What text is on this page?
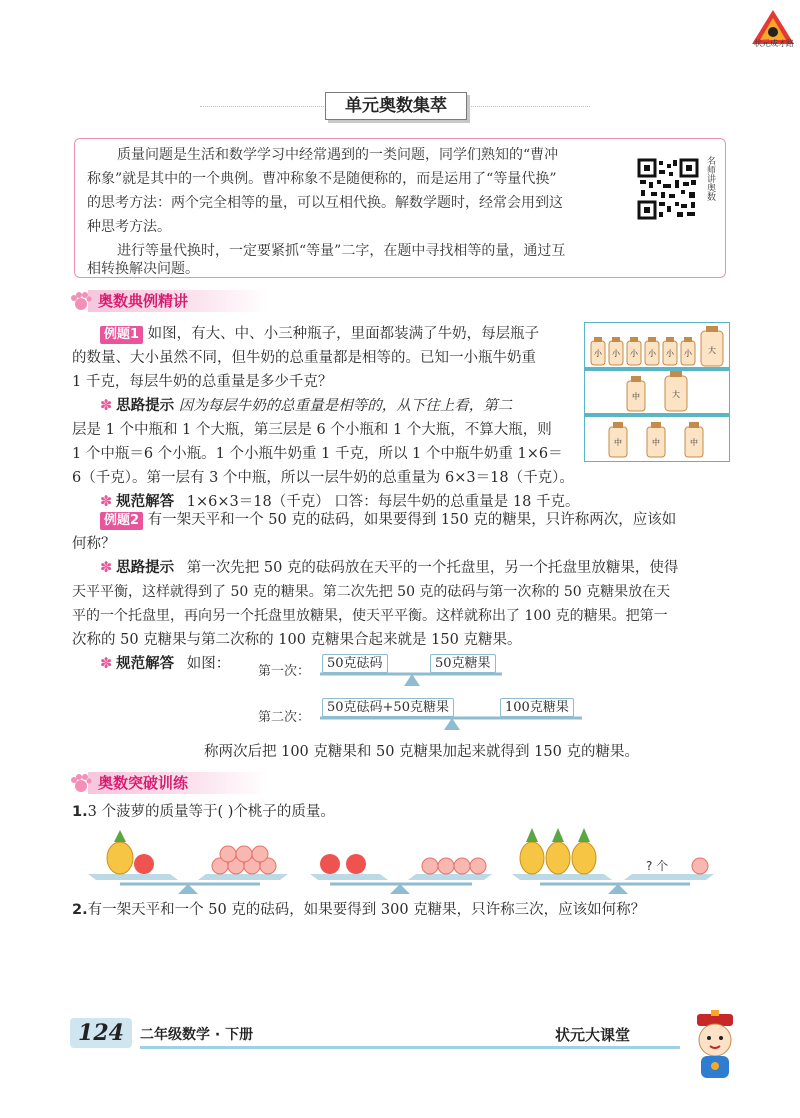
状元成才路
单元奥数集萃

质量问题是生活和数学学习中经常遇到的一类问题，同学们熟知的“曹冲

称象”就是其中的一个典例。曹冲称象不是随便称的，而是运用了“等量代换”

的思考方法：两个完全相等的量，可以互相代换。解数学题时，经常会用到这

种思考方法。

进行等量代换时，一定要紧抓“等量”二字，在题中寻找相等的量，通过互

相转换解决问题。

名师讲奥数
奥数典例精讲
例题1 如图，有大、中、小三种瓶子，里面都装满了牛奶，每层瓶子
的数量、大小虽然不同，但牛奶的总重量都是相等的。已知一小瓶牛奶重
1 千克，每层牛奶的总重量是多少千克？
✽ 思路提示 因为每层牛奶的总重量是相等的，从下往上看，第二
层是 1 个中瓶和 1 个大瓶，第三层是 6 个小瓶和 1 个大瓶，不算大瓶，则
1 个中瓶＝6 个小瓶。1 个小瓶牛奶重 1 千克，所以 1 个中瓶牛奶重 1×6＝
6（千克）。第一层有 3 个中瓶，所以一层牛奶的总重量为 6×3＝18（千克）。
✽ 规范解答 1×6×3＝18（千克） 口答：每层牛奶的总重量是 18 千克。
小 小 小 小 小 小 大
中	大
中	中	中
例题2 有一架天平和一个 50 克的砝码，如果要得到 150 克的糖果，只许称两次，应该如
何称？
✽ 思路提示 第一次先把 50 克的砝码放在天平的一个托盘里，另一个托盘里放糖果，使得
天平平衡，这样就得到了 50 克的糖果。第二次先把 50 克的砝码与第一次称的 50 克糖果放在天
平的一个托盘里，再向另一个托盘里放糖果，使天平平衡。这样就称出了 100 克的糖果。把第一
次称的 50 克糖果与第二次称的 100 克糖果合起来就是 150 克糖果。
✽ 规范解答 如图： 第一次：
50克砝码	50克糖果
第二次：
50克砝码+50克糖果	100克糖果
称两次后把 100 克糖果和 50 克糖果加起来就得到 150 克的糖果。
奥数突破训练
1.3 个菠萝的质量等于( )个桃子的质量。
? 个
2.有一架天平和一个 50 克的砝码，如果要得到 300 克糖果，只许称三次，应该如何称？
124	二年级数学 · 下册	状元大课堂
